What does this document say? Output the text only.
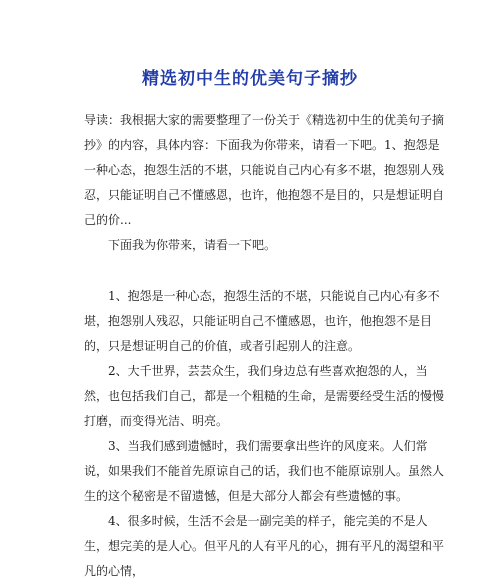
精选初中生的优美句子摘抄

导读：我根据大家的需要整理了一份关于《精选初中生的优美句子摘抄》的内容，具体内容：下面我为你带来，请看一下吧。1、抱怨是一种心态，抱怨生活的不堪，只能说自己内心有多不堪，抱怨别人残忍，只能证明自己不懂感恩，也许，他抱怨不是目的，只是想证明自己的价...

下面我为你带来，请看一下吧。

1、抱怨是一种心态，抱怨生活的不堪，只能说自己内心有多不堪，抱怨别人残忍，只能证明自己不懂感恩，也许，他抱怨不是目的，只是想证明自己的价值，或者引起别人的注意。

2、大千世界，芸芸众生，我们身边总有些喜欢抱怨的人，当然，也包括我们自己，都是一个粗糙的生命，是需要经受生活的慢慢打磨，而变得光洁、明亮。

3、当我们感到遗憾时，我们需要拿出些许的风度来。人们常说，如果我们不能首先原谅自己的话，我们也不能原谅别人。虽然人生的这个秘密是不留遗憾，但是大部分人都会有些遗憾的事。

4、很多时候，生活不会是一副完美的样子，能完美的不是人生，想完美的是人心。但平凡的人有平凡的心，拥有平凡的渴望和平凡的心情，
